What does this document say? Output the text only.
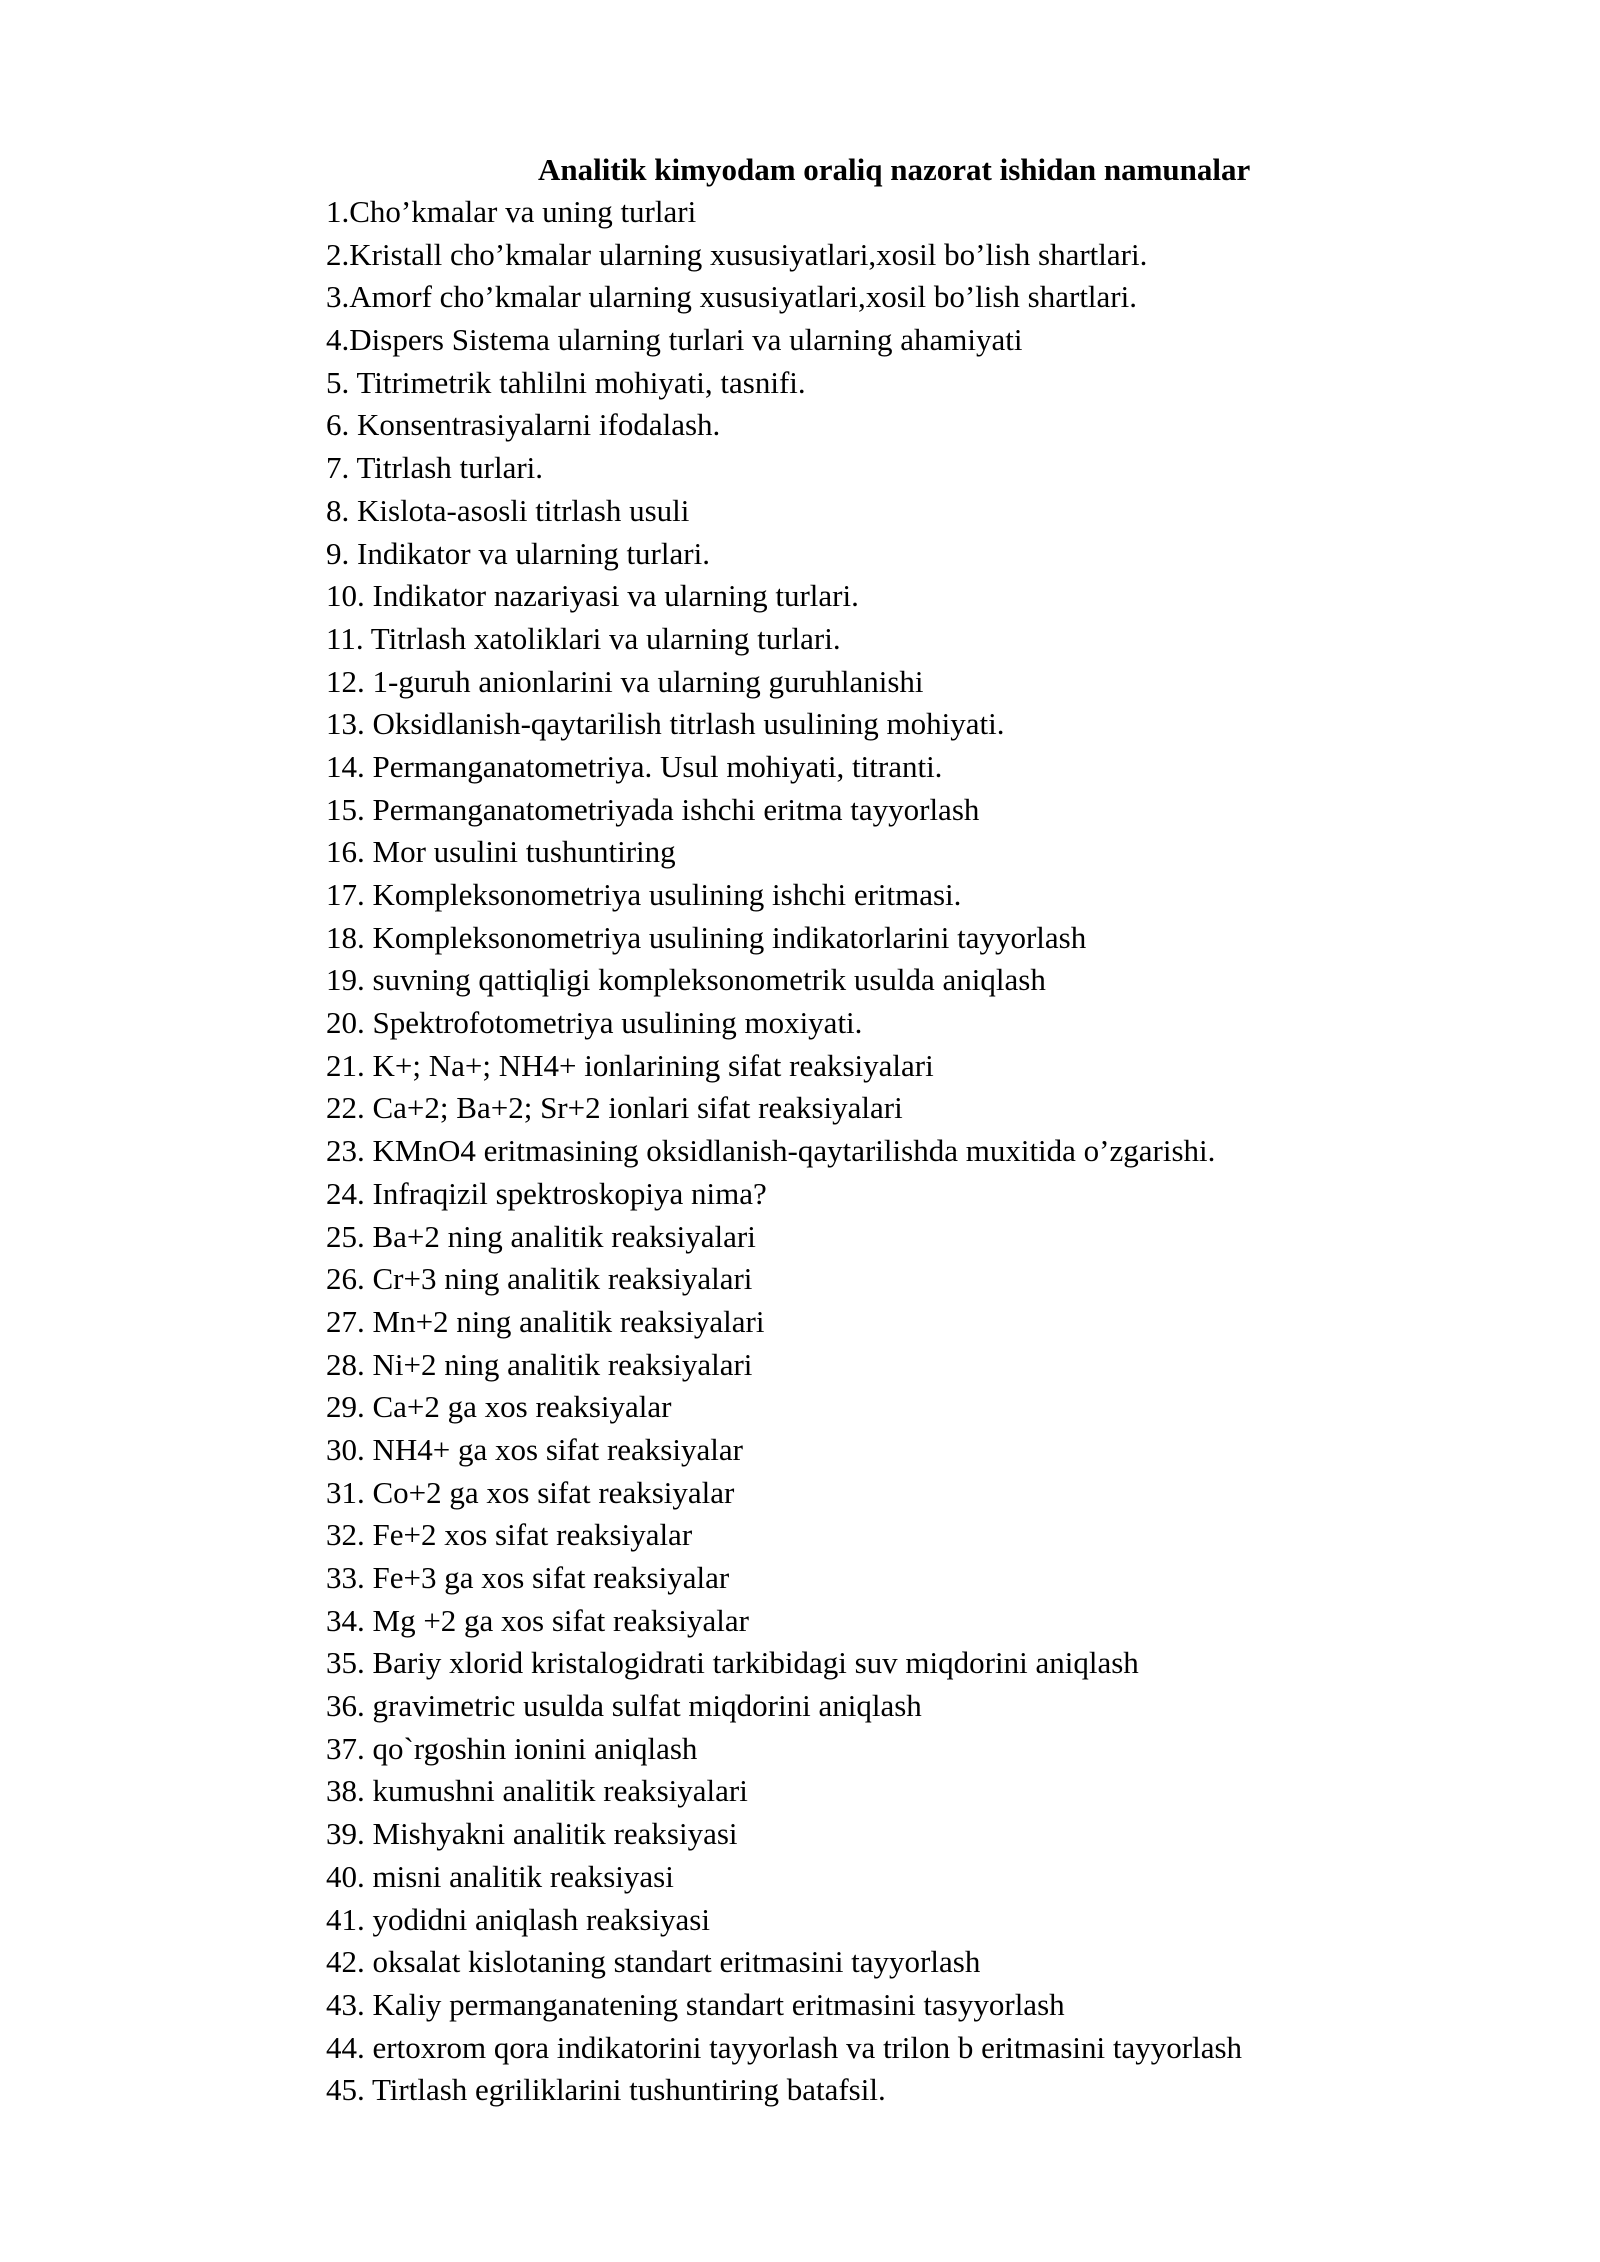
Analitik kimyodam oraliq nazorat ishidan namunalar
1.Cho’kmalar va uning turlari
2.Kristall cho’kmalar ularning xususiyatlari,xosil bo’lish shartlari.
3.Amorf cho’kmalar ularning xususiyatlari,xosil bo’lish shartlari.
4.Dispers Sistema ularning turlari va ularning ahamiyati
5. Titrimetrik tahlilni mohiyati, tasnifi.
6. Konsentrasiyalarni ifodalash.
7. Titrlash turlari.
8. Kislota-asosli titrlash usuli
9. Indikator va ularning turlari.
10. Indikator nazariyasi va ularning turlari.
11. Titrlash xatoliklari va ularning turlari.
12. 1-guruh anionlarini va ularning guruhlanishi
13. Oksidlanish-qaytarilish titrlash usulining mohiyati.
14. Permanganatometriya. Usul mohiyati, titranti.
15. Permanganatometriyada ishchi eritma tayyorlash
16. Mor usulini tushuntiring
17. Kompleksonometriya usulining ishchi eritmasi.
18. Kompleksonometriya usulining indikatorlarini tayyorlash
19. suvning qattiqligi kompleksonometrik usulda aniqlash
20. Spektrofotometriya usulining moxiyati.
21. K+; Na+; NH4+ ionlarining sifat reaksiyalari
22. Ca+2; Ba+2; Sr+2 ionlari sifat reaksiyalari
23. KMnO4 eritmasining oksidlanish-qaytarilishda muxitida o’zgarishi.
24. Infraqizil spektroskopiya nima?
25. Ba+2 ning analitik reaksiyalari
26. Cr+3 ning analitik reaksiyalari
27. Mn+2 ning analitik reaksiyalari
28. Ni+2 ning analitik reaksiyalari
29. Ca+2 ga xos reaksiyalar
30. NH4+ ga xos sifat reaksiyalar
31. Co+2 ga xos sifat reaksiyalar
32. Fe+2 xos sifat reaksiyalar
33. Fe+3 ga xos sifat reaksiyalar
34. Mg +2 ga xos sifat reaksiyalar
35. Bariy xlorid kristalogidrati tarkibidagi suv miqdorini aniqlash
36. gravimetric usulda sulfat miqdorini aniqlash
37. qo`rgoshin ionini aniqlash
38. kumushni analitik reaksiyalari
39. Mishyakni analitik reaksiyasi
40. misni analitik reaksiyasi
41. yodidni aniqlash reaksiyasi
42. oksalat kislotaning standart eritmasini tayyorlash
43. Kaliy permanganatening standart eritmasini tasyyorlash
44. ertoxrom qora indikatorini tayyorlash va trilon b eritmasini tayyorlash
45. Tirtlash egriliklarini tushuntiring batafsil.
